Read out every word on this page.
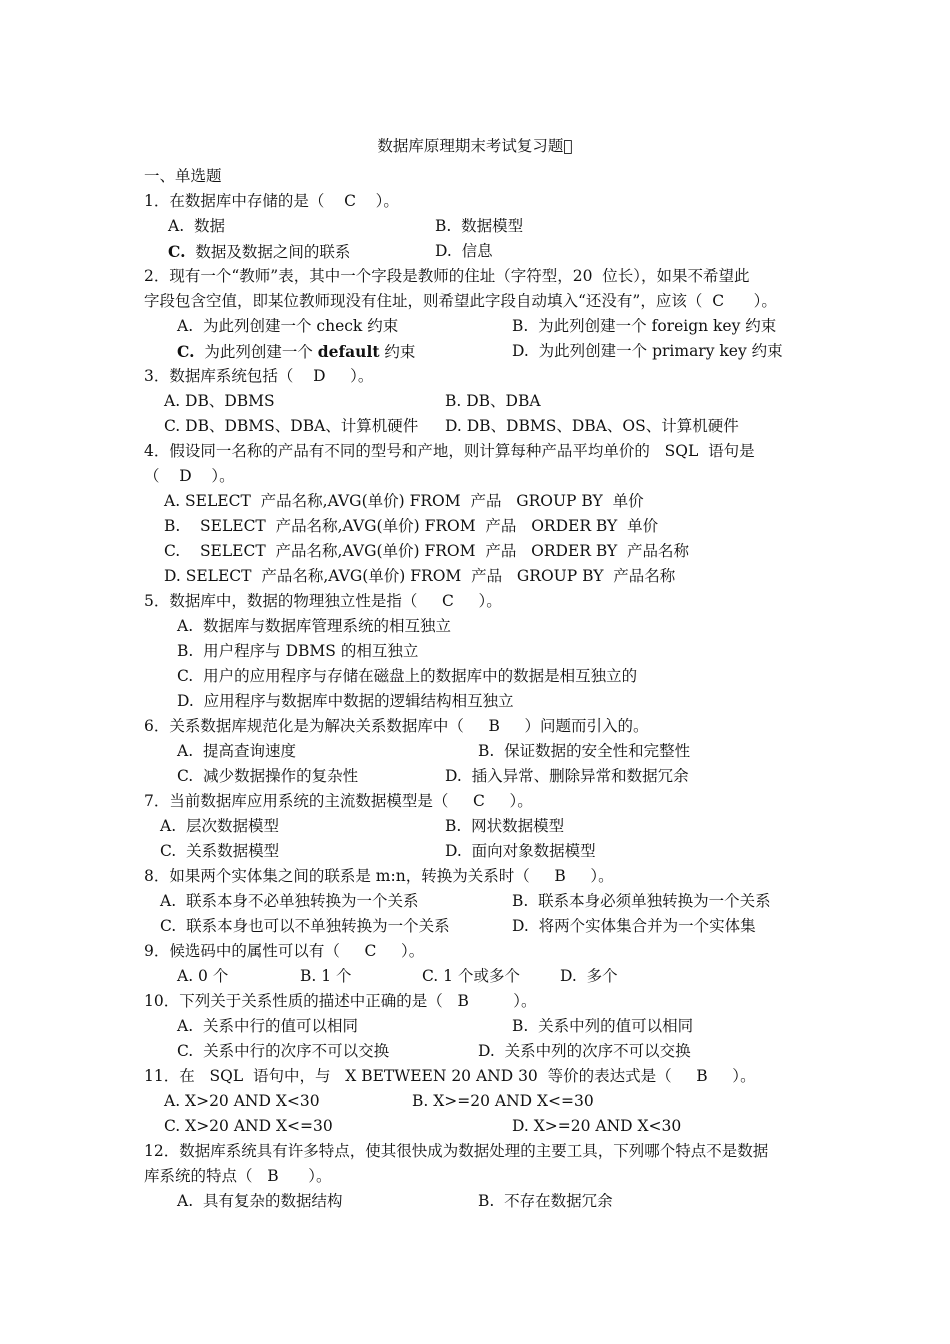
数据库原理期末考试复习题 
一、单选题
1．在数据库中存储的是（    C    ）。
A.  数据	B.  数据模型
C.  数据及数据之间的联系	D.  信息
2．现有一个“教师”表，其中一个字段是教师的住址（字符型，20  位长），如果不希望此
字段包含空值，即某位教师现没有住址，则希望此字段自动填入“还没有”，应该（  C      ）。
A.  为此列创建一个 check 约束	B.  为此列创建一个 foreign key 约束
C.  为此列创建一个 default 约束	D.  为此列创建一个 primary key 约束
3．数据库系统包括（    D     ）。
A. DB、DBMS	B. DB、DBA
C. DB、DBMS、DBA、计算机硬件 D. DB、DBMS、DBA、OS、计算机硬件
4．假设同一名称的产品有不同的型号和产地，则计算每种产品平均单价的   SQL  语句是
（    D    ）。
A. SELECT  产品名称,AVG(单价) FROM  产品   GROUP BY  单价
B.    SELECT  产品名称,AVG(单价) FROM  产品   ORDER BY  单价
C.    SELECT  产品名称,AVG(单价) FROM  产品   ORDER BY  产品名称
D. SELECT  产品名称,AVG(单价) FROM  产品   GROUP BY  产品名称
5．数据库中，数据的物理独立性是指（     C     ）。
A.  数据库与数据库管理系统的相互独立
B.  用户程序与 DBMS 的相互独立
C.  用户的应用程序与存储在磁盘上的数据库中的数据是相互独立的
D.  应用程序与数据库中数据的逻辑结构相互独立
6．关系数据库规范化是为解决关系数据库中（     B     ）问题而引入的。
A.  提高查询速度	B.  保证数据的安全性和完整性
C.  减少数据操作的复杂性	D.  插入异常、删除异常和数据冗余
7．当前数据库应用系统的主流数据模型是（     C     ）。
A.  层次数据模型	B.  网状数据模型
C.  关系数据模型	D.  面向对象数据模型
8．如果两个实体集之间的联系是 m:n，转换为关系时（     B     ）。
A.  联系本身不必单独转换为一个关系	B.  联系本身必须单独转换为一个关系
C.  联系本身也可以不单独转换为一个关系	D.  将两个实体集合并为一个实体集
9．候选码中的属性可以有（     C     ）。
A. 0 个	B. 1 个	C. 1 个或多个	D.  多个
10．下列关于关系性质的描述中正确的是（   B         ）。
A.  关系中行的值可以相同	B.  关系中列的值可以相同
C.  关系中行的次序不可以交换	D.  关系中列的次序不可以交换
11．在   SQL  语句中，与   X BETWEEN 20 AND 30  等价的表达式是（     B     ）。
A. X>20 AND X<30	B. X>=20 AND X<=30
C. X>20 AND X<=30	D. X>=20 AND X<30
12．数据库系统具有许多特点，使其很快成为数据处理的主要工具，下列哪个特点不是数据
库系统的特点（   B      ）。
A.  具有复杂的数据结构	B.  不存在数据冗余
